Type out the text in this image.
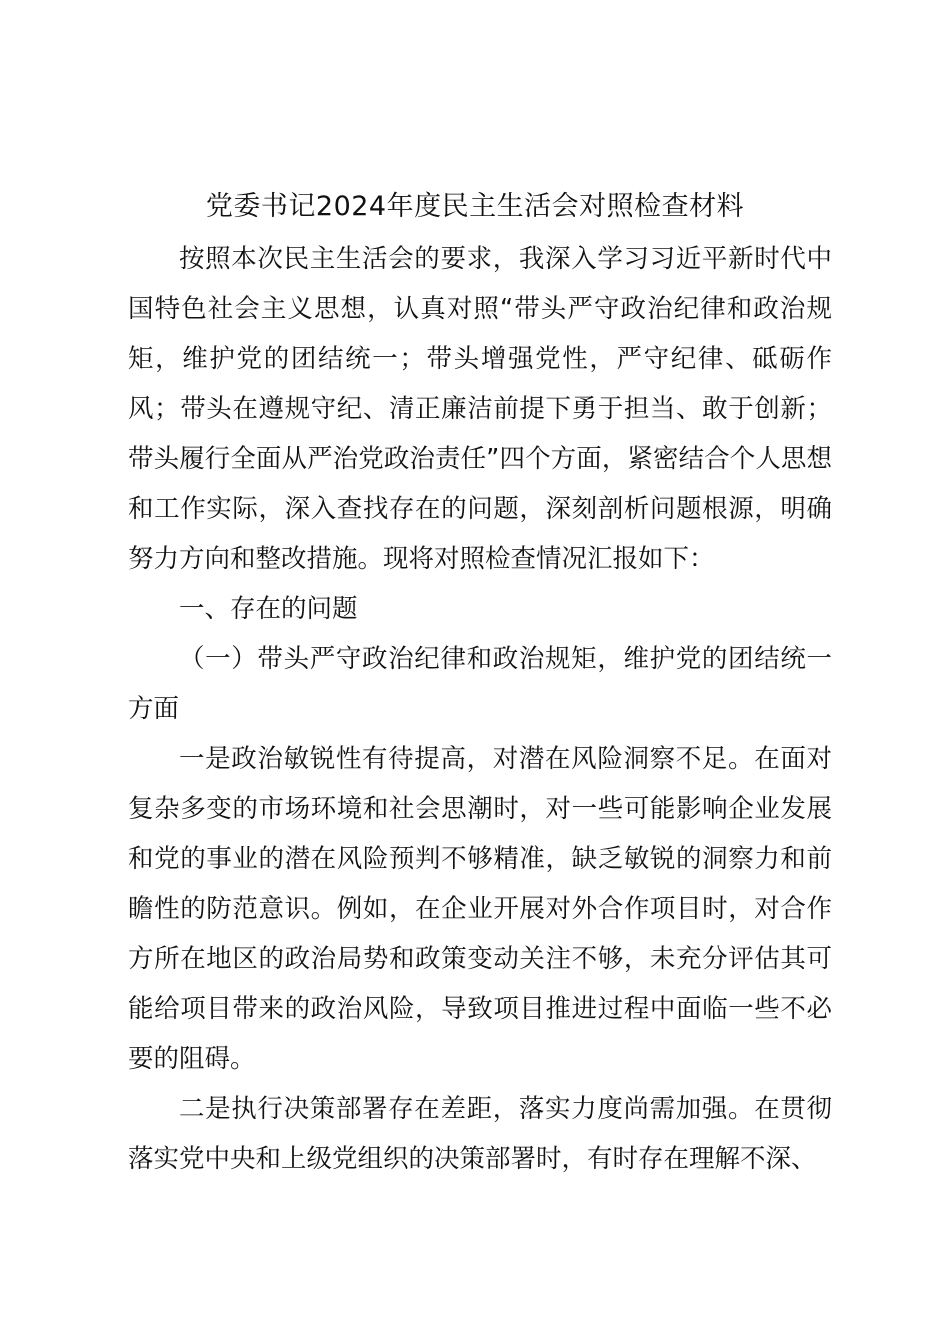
党委书记2024年度民主生活会对照检查材料

按照本次民主生活会的要求，我深入学习习近平新时代中国特色社会主义思想，认真对照“带头严守政治纪律和政治规矩，维护党的团结统一；带头增强党性，严守纪律、砥砺作风；带头在遵规守纪、清正廉洁前提下勇于担当、敢于创新；带头履行全面从严治党政治责任”四个方面，紧密结合个人思想和工作实际，深入查找存在的问题，深刻剖析问题根源，明确努力方向和整改措施。现将对照检查情况汇报如下：

一、存在的问题

（一）带头严守政治纪律和政治规矩，维护党的团结统一方面

一是政治敏锐性有待提高，对潜在风险洞察不足。在面对复杂多变的市场环境和社会思潮时，对一些可能影响企业发展和党的事业的潜在风险预判不够精准，缺乏敏锐的洞察力和前瞻性的防范意识。例如，在企业开展对外合作项目时，对合作方所在地区的政治局势和政策变动关注不够，未充分评估其可能给项目带来的政治风险，导致项目推进过程中面临一些不必要的阻碍。

二是执行决策部署存在差距，落实力度尚需加强。在贯彻落实党中央和上级党组织的决策部署时，有时存在理解不深、
